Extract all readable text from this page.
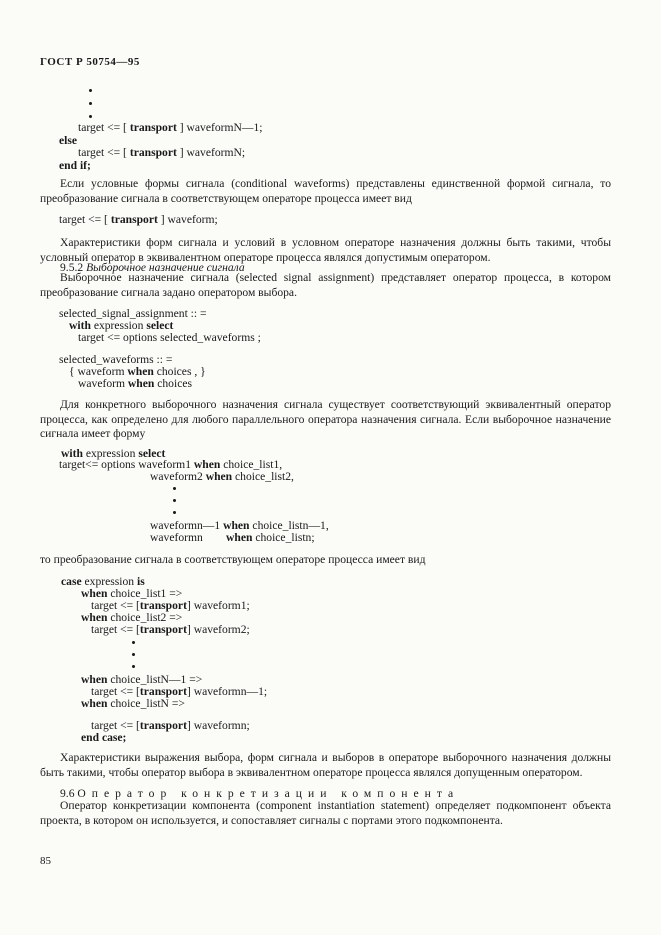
ГОСТ Р 50754—95
target <= [ transport ] waveformN—1;
else
target <= [ transport ] waveformN;
end if;
Если условные формы сигнала (conditional waveforms) представлены единственной формой сигнала, то преобразование сигнала в соответствующем операторе процесса имеет вид
target <= [ transport ] waveform;
Характеристики форм сигнала и условий в условном операторе назначения должны быть такими, чтобы условный оператор в эквивалентном операторе процесса являлся допустимым оператором.
9.5.2 Выборочное назначение сигнала
Выборочное назначение сигнала (selected signal assignment) представляет оператор процесса, в котором преобразование сигнала задано оператором выбора.
selected_signal_assignment :: =
with expression select
target <= options selected_waveforms ;
selected_waveforms :: =
{ waveform when choices , }
waveform when choices
Для конкретного выборочного назначения сигнала существует соответствующий эквивалентный оператор процесса, как определено для любого параллельного оператора назначения сигнала. Если выборочное назначение сигнала имеет форму
with expression select
target<= options waveform1 when choice_list1,
waveform2 when choice_list2,
waveformn—1 when choice_listn—1,
waveformn when choice_listn;
то преобразование сигнала в соответствующем операторе процесса имеет вид
case expression is
when choice_list1 =>
target <= [transport] waveform1;
when choice_list2 =>
target <= [transport] waveform2;
when choice_listN—1 =>
target <= [transport] waveformn—1;
when choice_listN =>
target <= [transport] waveformn;
end case;
Характеристики выражения выбора, форм сигнала и выборов в операторе выборочного назначения должны быть такими, чтобы оператор выбора в эквивалентном операторе процесса являлся допущенным оператором.
9.6 Оператор конкретизации компонента
Оператор конкретизации компонента (component instantiation statement) определяет подкомпонент объекта проекта, в котором он используется, и сопоставляет сигналы с портами этого подкомпонента.
85
